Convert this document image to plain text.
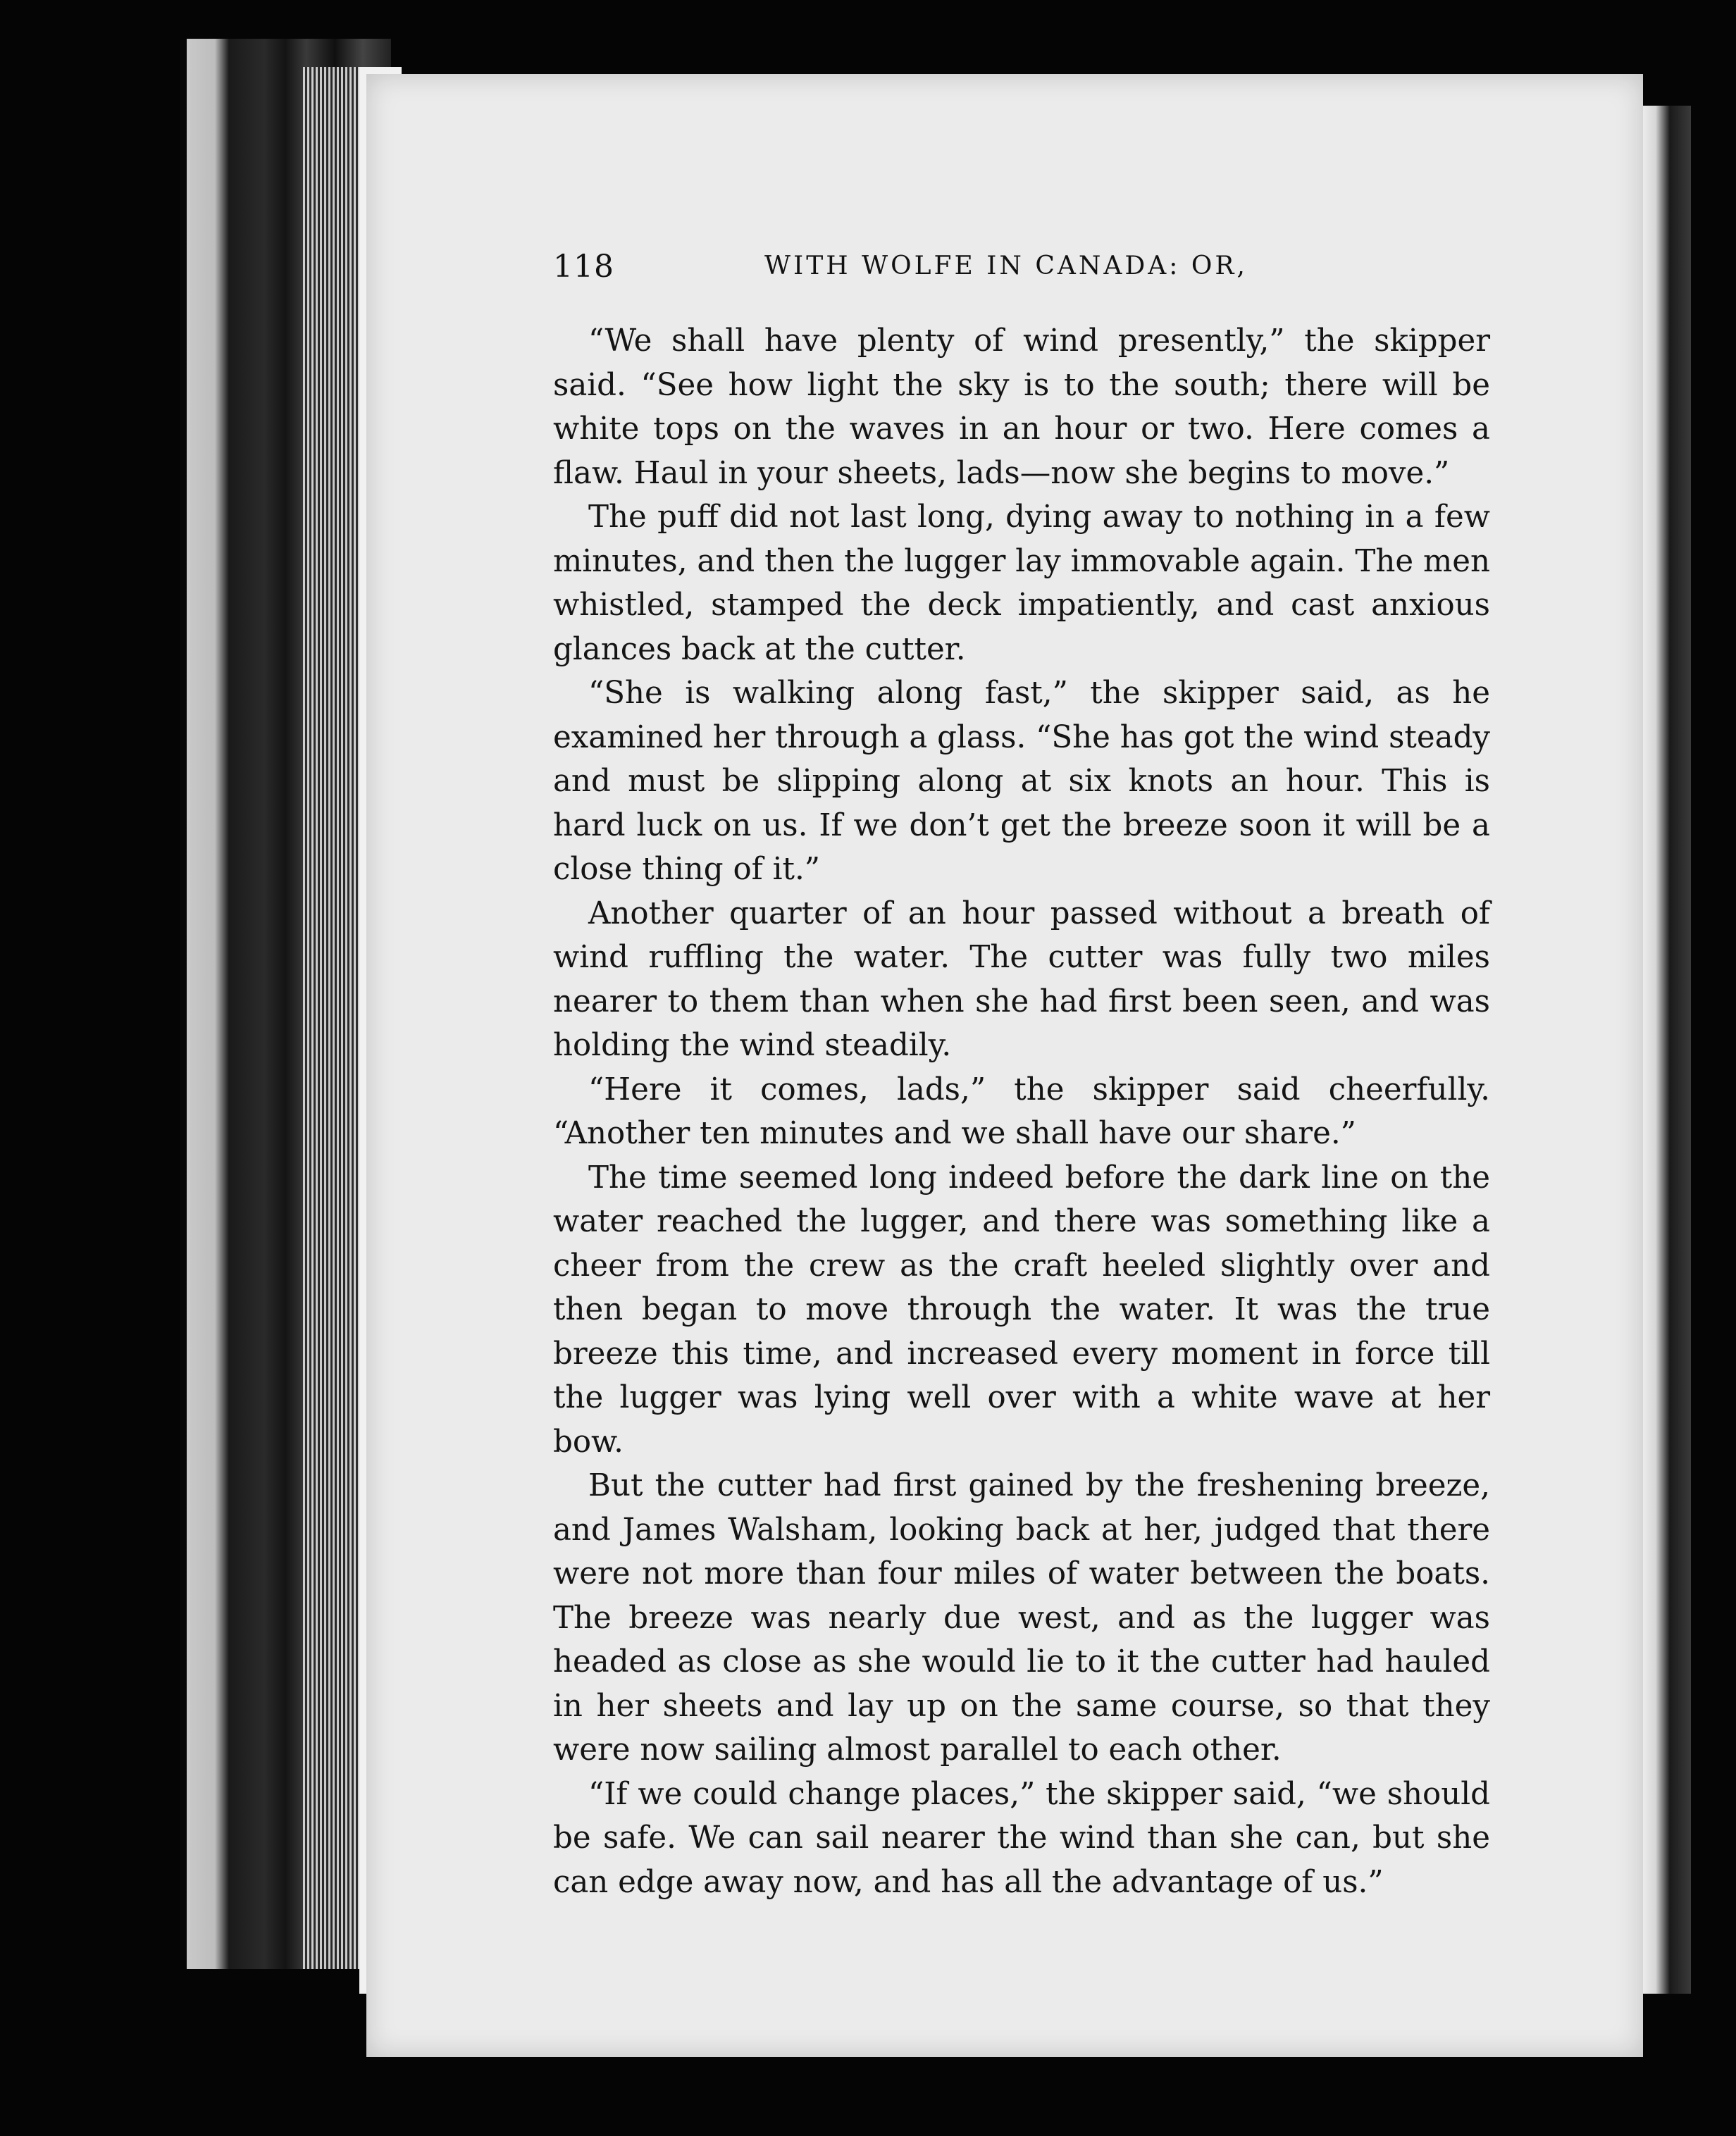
118	WITH WOLFE IN CANADA: OR,

“We shall have plenty of wind presently,” the skipper said. “See how light the sky is to the south; there will be white tops on the waves in an hour or two. Here comes a flaw. Haul in your sheets, lads—now she begins to move.”

The puff did not last long, dying away to nothing in a few minutes, and then the lugger lay immovable again. The men whistled, stamped the deck impatiently, and cast anxious glances back at the cutter.

“She is walking along fast,” the skipper said, as he examined her through a glass. “She has got the wind steady and must be slipping along at six knots an hour. This is hard luck on us. If we don’t get the breeze soon it will be a close thing of it.”

Another quarter of an hour passed without a breath of wind ruffling the water. The cutter was fully two miles nearer to them than when she had first been seen, and was holding the wind steadily.

“Here it comes, lads,” the skipper said cheerfully. “Another ten minutes and we shall have our share.”

The time seemed long indeed before the dark line on the water reached the lugger, and there was something like a cheer from the crew as the craft heeled slightly over and then began to move through the water. It was the true breeze this time, and increased every moment in force till the lugger was lying well over with a white wave at her bow.

But the cutter had first gained by the freshening breeze, and James Walsham, looking back at her, judged that there were not more than four miles of water between the boats. The breeze was nearly due west, and as the lugger was headed as close as she would lie to it the cutter had hauled in her sheets and lay up on the same course, so that they were now sailing almost parallel to each other.

“If we could change places,” the skipper said, “we should be safe. We can sail nearer the wind than she can, but she can edge away now, and has all the advantage of us.”
